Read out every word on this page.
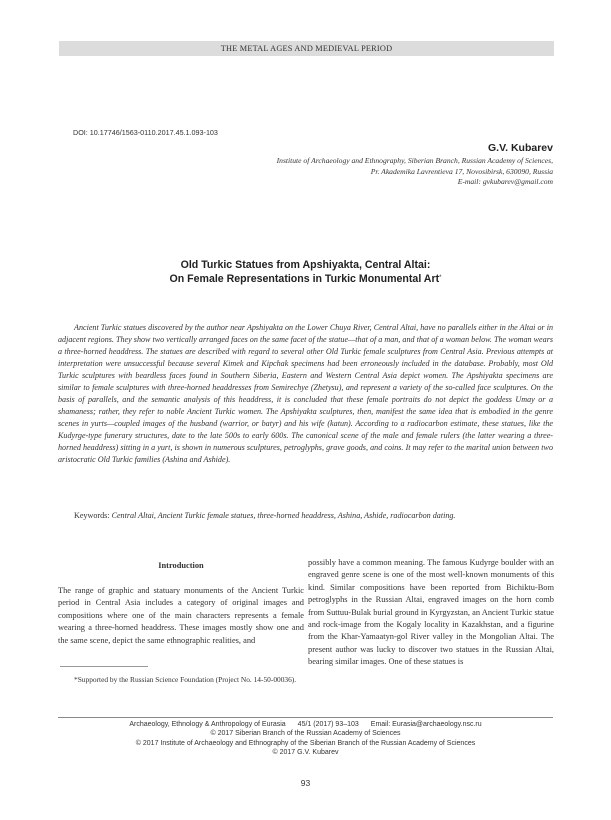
THE METAL AGES AND MEDIEVAL PERIOD
DOI: 10.17746/1563-0110.2017.45.1.093-103
G.V. Kubarev
Institute of Archaeology and Ethnography, Siberian Branch, Russian Academy of Sciences,
Pr. Akademika Lavrentieva 17, Novosibirsk, 630090, Russia
E-mail: gvkubarev@gmail.com
Old Turkic Statues from Apshiyakta, Central Altai:
On Female Representations in Turkic Monumental Art*

Ancient Turkic statues discovered by the author near Apshiyakta on the Lower Chuya River, Central Altai, have no parallels either in the Altai or in adjacent regions. They show two vertically arranged faces on the same facet of the statue—that of a man, and that of a woman below. The woman wears a three-horned headdress. The statues are described with regard to several other Old Turkic female sculptures from Central Asia. Previous attempts at interpretation were unsuccessful because several Kimek and Kipchak specimens had been erroneously included in the database. Probably, most Old Turkic sculptures with beardless faces found in Southern Siberia, Eastern and Western Central Asia depict women. The Apshiyakta specimens are similar to female sculptures with three-horned headdresses from Semirechye (Zhetysu), and represent a variety of the so-called face sculptures. On the basis of parallels, and the semantic analysis of this headdress, it is concluded that these female portraits do not depict the goddess Umay or a shamaness; rather, they refer to noble Ancient Turkic women. The Apshiyakta sculptures, then, manifest the same idea that is embodied in the genre scenes in yurts—coupled images of the husband (warrior, or batyr) and his wife (katun). According to a radiocarbon estimate, these statues, like the Kudyrge-type funerary structures, date to the late 500s to early 600s. The canonical scene of the male and female rulers (the latter wearing a three-horned headdress) sitting in a yurt, is shown in numerous sculptures, petroglyphs, grave goods, and coins. It may refer to the marital union between two aristocratic Old Turkic families (Ashina and Ashide).

Keywords: Central Altai, Ancient Turkic female statues, three-horned headdress, Ashina, Ashide, radiocarbon dating.

Introduction

The range of graphic and statuary monuments of the Ancient Turkic period in Central Asia includes a category of original images and compositions where one of the main characters represents a female wearing a three-horned headdress. These images mostly show one and the same scene, depict the same ethnographic realities, and

possibly have a common meaning. The famous Kudyrge boulder with an engraved genre scene is one of the most well-known monuments of this kind. Similar compositions have been reported from Bichiktu-Bom petroglyphs in the Russian Altai, engraved images on the horn comb from Suttuu-Bulak burial ground in Kyrgyzstan, an Ancient Turkic statue and rock-image from the Kogaly locality in Kazakhstan, and a figurine from the Khar-Yamaatyn-gol River valley in the Mongolian Altai. The present author was lucky to discover two statues in the Russian Altai, bearing similar images. One of these statues is

*Supported by the Russian Science Foundation (Project No. 14-50-00036).

Archaeology, Ethnology & Anthropology of Eurasia 45/1 (2017) 93–103 Email: Eurasia@archaeology.nsc.ru
© 2017 Siberian Branch of the Russian Academy of Sciences
© 2017 Institute of Archaeology and Ethnography of the Siberian Branch of the Russian Academy of Sciences
© 2017 G.V. Kubarev
93
